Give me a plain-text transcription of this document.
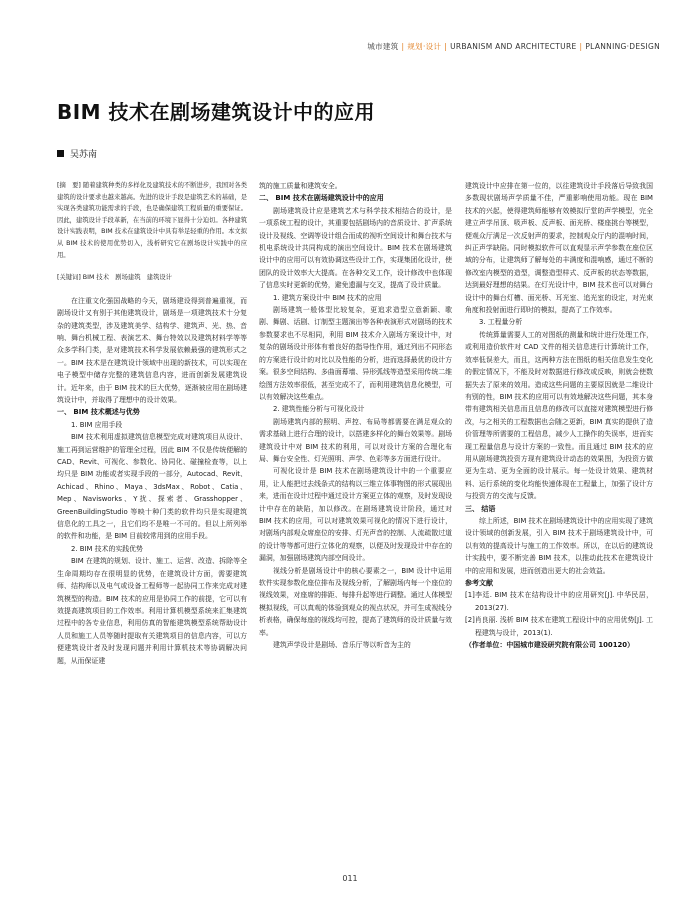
城市建筑 | 规划·设计 | URBANISM AND ARCHITECTURE | PLANNING·DESIGN
BIM 技术在剧场建筑设计中的应用
吴苏南

[摘　要] 随着建筑种类的多样化及建筑技术的不断进步，我国对各类建筑的设计要求也越来越高。先进的设计手段是建筑艺术的基础，是实现各类建筑功能需求的手段，也是确保建筑工程质量的重要保证。因此，建筑设计手段革新，在当前的环境下显得十分迫切。各种建筑设计实践表明，BIM 技术在建筑设计中具有举足轻重的作用。本文拟从 BIM 技术的使用优势切入，浅析研究它在剧场设计实践中的应用。

[关键词] BIM 技术　剧场建筑　建筑设计

在注重文化强国战略的今天，剧场建设得到普遍重视，而剧场设计又有别于其他建筑设计，剧场是一项建筑技术十分复杂的建筑类型，涉及建筑美学、结构学、建筑声、光、热、音响、舞台机械工程、表演艺术、舞台特效以及建筑材料学等等众多学科门类，是对建筑技术科学发展依赖最强的建筑形式之一。BIM 技术是在建筑设计领域中出现的新技术，可以实现在电子模型中储存完整的建筑信息内容，进而创新发展建筑设计。近年来，由于 BIM 技术的巨大优势，逐渐被应用在剧场建筑设计中，并取得了理想中的设计效果。

一、 BIM 技术概述与优势
1. BIM 应用手段

BIM 技术利用虚拟建筑信息模型完成对建筑项目从设计、施工再到运营维护的管理全过程，因此 BIM 不仅是传统便解的 CAD、Revit、可视化、参数化、协同化、碰撞检查等，以上均只是 BIM 功能或者实现手段的一部分，Autocad、Revit、Achicad、Rhino、Maya、3dsMax、Robot、Catia、Mep、Navisworks、Y扰、探索者、Grasshopper、GreenBuildingStudio 等映十种门类的软件均只是实现建筑信息化的工具之一，且它们均不是唯一不可的。但以上所列举的软件和功能，是 BIM 目前较常用到的应用手段。

2. BIM 技术的实践优势

BIM 在建筑的规划、设计、施工、运营、改造、拆除等全生命周期均存在很明显的优势，在建筑设计方面，需要建筑师、结构师以及电气或设备工程师等一起协同工作来完成对建筑模型的构造。BIM 技术的应用是协同工作的前提，它可以有效提高建筑项目的工作效率。利用计算机模型系统来汇集建筑过程中的各专业信息，利用仿真的智能建筑模型系统帮助设计人员和施工人员等随时提取有关建筑项目的信息内容，可以方便建筑设计者及时发现问题并利用计算机技术等协调解决问题，从而保证建

筑的施工质量和建筑安全。

二、 BIM 技术在剧场建筑设计中的应用

剧场建筑设计应是建筑艺术与科学技术相结合的设计，是一项系统工程的设计，其重要包括剧场内的音质设计、扩声系统设计及视线、空调等设计组合而成的视听空间设计和舞台技术与机电系统设计共同构成的演出空间设计。BIM 技术在剧场建筑设计中的应用可以有效协调这些设计工作，实现集团化设计，使团队的设计效率大大提高。在各种交叉工作，设计修改中也体现了信息实时更新的优势，避免遗漏与交叉，提高了设计质量。

1. 建筑方案设计中 BIM 技术的应用

剧场建筑一般体型比较复杂，更追求造型立意新颖、歌剧、舞剧、话剧、订制型主题演出等各种表演形式对剧场的技术参数要求也不尽相同，利用 BIM 技术介入剧场方案设计中，对复杂的剧场设计形体有着良好的指导性作用，通过列出不同形态的方案进行设计的对比以及性能的分析，进而选择最优的设计方案。很多空间结构、多曲面幕墙、异形弧线等造型采用传统二维绘图方法效率很低，甚至完成不了，而利用建筑信息化模型，可以有效解决这些难点。

2. 建筑性能分析与可视化设计

剧场建筑内部的照明、声控、布局等都需要在满足观众的需求基础上进行合理的设计，以搭建多样化的舞台效果等。剧场建筑设计中对 BIM 技术的利用，可以对设计方案的合理化布局、舞台安全性、灯光照明、声学、色彩等多方面进行设计。

可视化设计是 BIM 技术在剧场建筑设计中的一个重要应用，让人能把过去线条式的结构以三维立体事物图的形式展现出来，进而在设计过程中通过设计方案更立体的观察，及时发现设计中存在的缺陷，加以修改。在剧场建筑设计阶段，通过对 BIM 技术的应用，可以对建筑效果可视化的情况下进行设计，对剧场内部观众席座位的安排、灯光声音的控制、人流疏散过道的设计等等都可进行立体化的观察，以便及时发现设计中存在的漏洞，加强剧场建筑内部空间设计。

视线分析是剧场设计中的核心要素之一，BIM 设计中运用软件实现参数化座位排布及视线分析，了解剧场内每一个座位的视线效果，对座席的排距、每排升起等进行调整。通过人体模型模拟视线，可以真观的体验到观众的视点状况，并可生成视线分析表格，确保每座的视线均可控，提高了建筑师的设计质量与效率。

建筑声学设计是剧场、音乐厅等以听音为主的

建筑设计中应排在第一位的，以往建筑设计手段落后导致我国多数现状剧场声学质量不佳，严重影响使用功能。现在 BIM 技术的兴起，使得建筑师能够有效模拟厅堂的声学模型，完全建立声学吊顶、吸声板、反声板、面光桥、楼座挑台等模型，便观众厅满足一次反射声的要求，控制观众厅内的混响时间，纠正声学缺陷。同时模拟软件可以直观显示声学参数在座位区域的分布，让建筑师了解每处的丰满度和混响感，通过不断的修改室内模型的造型，调整造型样式、反声板的状态等数据，达到最好理想的结果。在灯光设计中，BIM 技术也可以对舞台设计中的舞台灯槽、面光桥、耳光室、追光室的设定，对光束角度和投射面进行即时的模拟，提高了工作效率。

3. 工程量分析

传统算量需要人工的对图纸的测量和统计进行处理工作，或利用造价软件对 CAD 文件的相关信息进行计算统计工作，效率低误差大，而且，这两种方法在图纸的相关信息发生变化的假定情况下，不能及时对数据进行修改或反映，则就会使数据失去了原来的效用。造成这些问题的主要原因就是二维设计有别的性，BIM 技术的应用可以有效地解决这些问题，其本身带有建筑相关信息而且信息的修改可以直接对建筑模型进行修改，与之相关的工程数据也会随之更新，BIM 真实的提供了造价管理等所需要的工程信息，减少人工操作的失误率，进而实现工程量信息与设计方案的一致性。而且通过 BIM 技术的应用从剧场建筑投资方现有建筑设计动态的效果图，为投资方做更为生动、更为全面的设计展示。每一处设计效果、建筑材料、运行系统的变化均能快速体现在工程量上，加强了设计方与投资方的交流与反馈。

三、 结语

综上所述，BIM 技术在剧场建筑设计中的应用实现了建筑设计领域的创新发展，引入 BIM 技术于剧场建筑设计中，可以有效的提高设计与施工的工作效率。所以，在以后的建筑设计实践中，要不断完善 BIM 技术，以推动此技术在建筑设计中的应用和发展，进而创造出更大的社会效益。

参考文献

[1]李廷. BIM 技术在结构设计中的应用研究[J]. 中华民居，2013(27).

[2]肖良丽. 浅析 BIM 技术在建筑工程设计中的应用优势[J]. 工程建筑与设计，2013(1).

（作者单位：中国城市建设研究院有限公司 100120）

011
